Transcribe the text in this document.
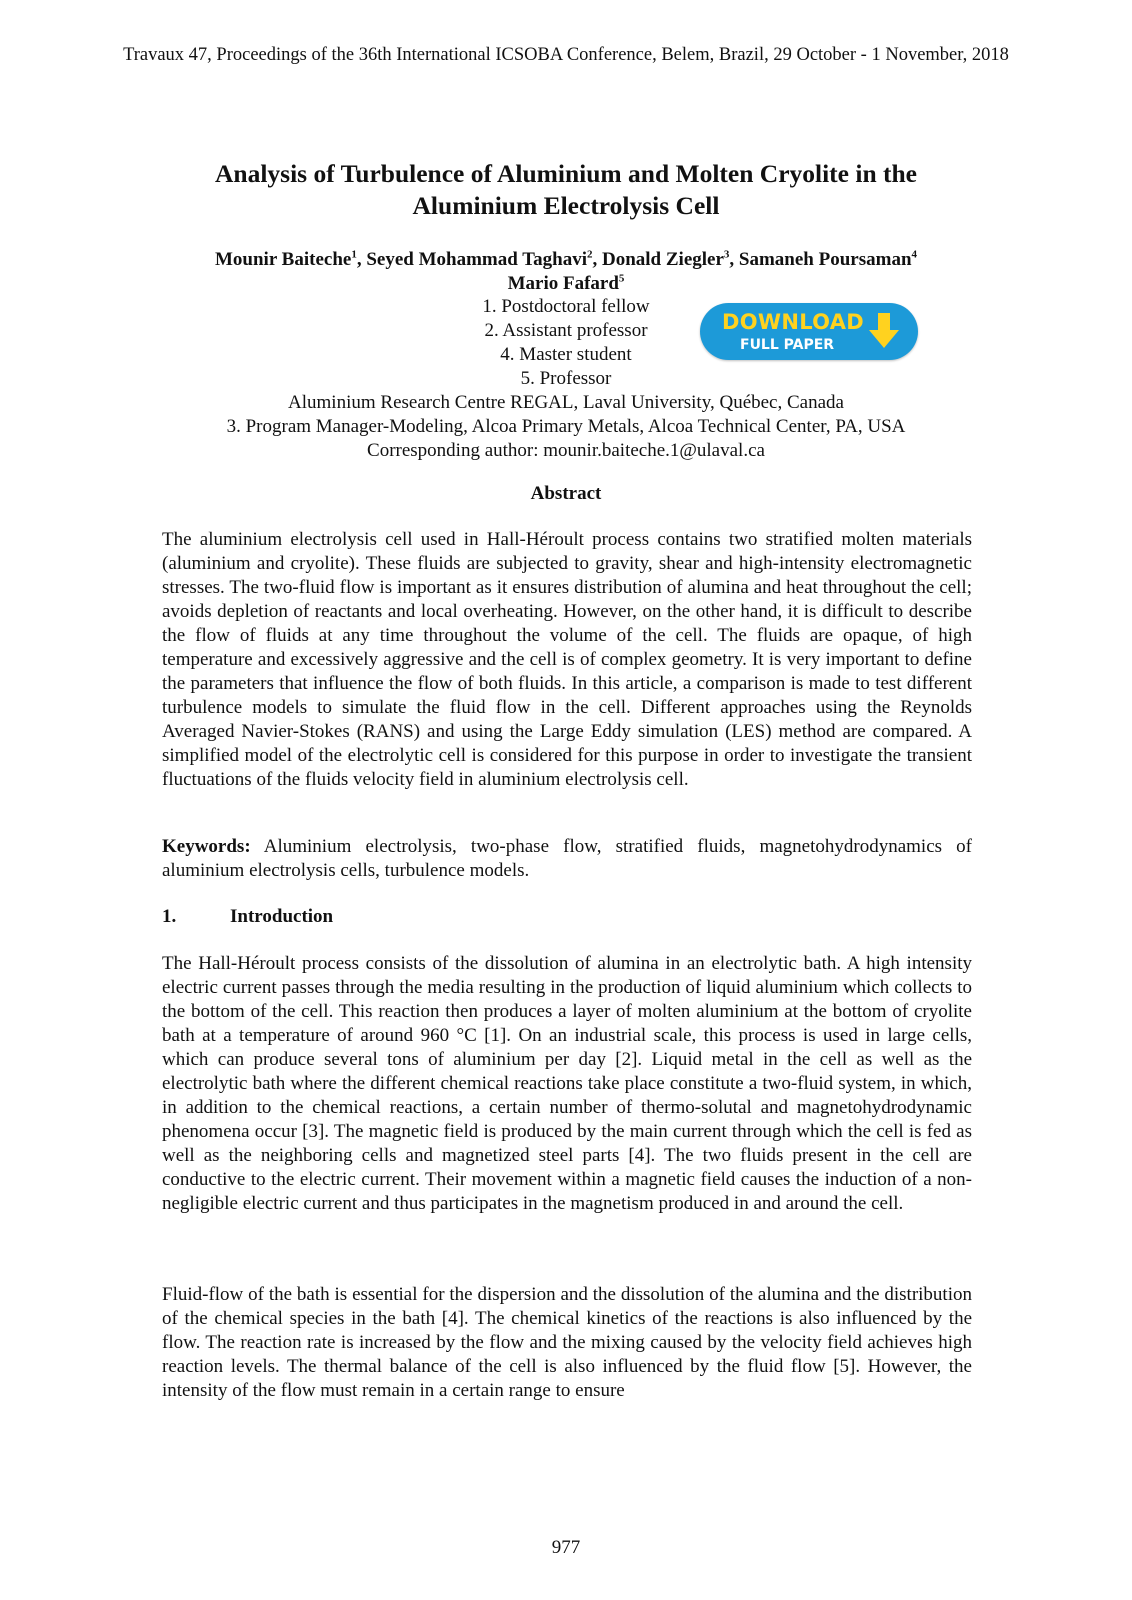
Travaux 47, Proceedings of the 36th International ICSOBA Conference, Belem, Brazil, 29 October - 1 November, 2018
Analysis of Turbulence of Aluminium and Molten Cryolite in the
Aluminium Electrolysis Cell
Mounir Baiteche$^1$, Seyed Mohammad Taghavi$^2$, Donald Ziegler$^3$, Samaneh Poursaman$^4$
Mario Fafard$^5$
1. Postdoctoral fellow
2. Assistant professor
4. Master student
5. Professor
Aluminium Research Centre REGAL, Laval University, Québec, Canada
3. Program Manager-Modeling, Alcoa Primary Metals, Alcoa Technical Center, PA, USA
Corresponding author: mounir.baiteche.1@ulaval.ca
DOWNLOAD
FULL PAPER
Abstract
The aluminium electrolysis cell used in Hall-Héroult process contains two stratified molten materials (aluminium and cryolite). These fluids are subjected to gravity, shear and high-intensity electromagnetic stresses. The two-fluid flow is important as it ensures distribution of alumina and heat throughout the cell; avoids depletion of reactants and local overheating. However, on the other hand, it is difficult to describe the flow of fluids at any time throughout the volume of the cell. The fluids are opaque, of high temperature and excessively aggressive and the cell is of complex geometry. It is very important to define the parameters that influence the flow of both fluids. In this article, a comparison is made to test different turbulence models to simulate the fluid flow in the cell. Different approaches using the Reynolds Averaged Navier-Stokes (RANS) and using the Large Eddy simulation (LES) method are compared. A simplified model of the electrolytic cell is considered for this purpose in order to investigate the transient fluctuations of the fluids velocity field in aluminium electrolysis cell.
Keywords: Aluminium electrolysis, two-phase flow, stratified fluids, magnetohydrodynamics of aluminium electrolysis cells, turbulence models.
1.	Introduction
The Hall-Héroult process consists of the dissolution of alumina in an electrolytic bath. A high intensity electric current passes through the media resulting in the production of liquid aluminium which collects to the bottom of the cell. This reaction then produces a layer of molten aluminium at the bottom of cryolite bath at a temperature of around 960 °C [1]. On an industrial scale, this process is used in large cells, which can produce several tons of aluminium per day [2]. Liquid metal in the cell as well as the electrolytic bath where the different chemical reactions take place constitute a two-fluid system, in which, in addition to the chemical reactions, a certain number of thermo-solutal and magnetohydrodynamic phenomena occur [3]. The magnetic field is produced by the main current through which the cell is fed as well as the neighboring cells and magnetized steel parts [4]. The two fluids present in the cell are conductive to the electric current. Their movement within a magnetic field causes the induction of a non-negligible electric current and thus participates in the magnetism produced in and around the cell.
Fluid-flow of the bath is essential for the dispersion and the dissolution of the alumina and the distribution of the chemical species in the bath [4]. The chemical kinetics of the reactions is also influenced by the flow. The reaction rate is increased by the flow and the mixing caused by the velocity field achieves high reaction levels. The thermal balance of the cell is also influenced by the fluid flow [5]. However, the intensity of the flow must remain in a certain range to ensure
977
